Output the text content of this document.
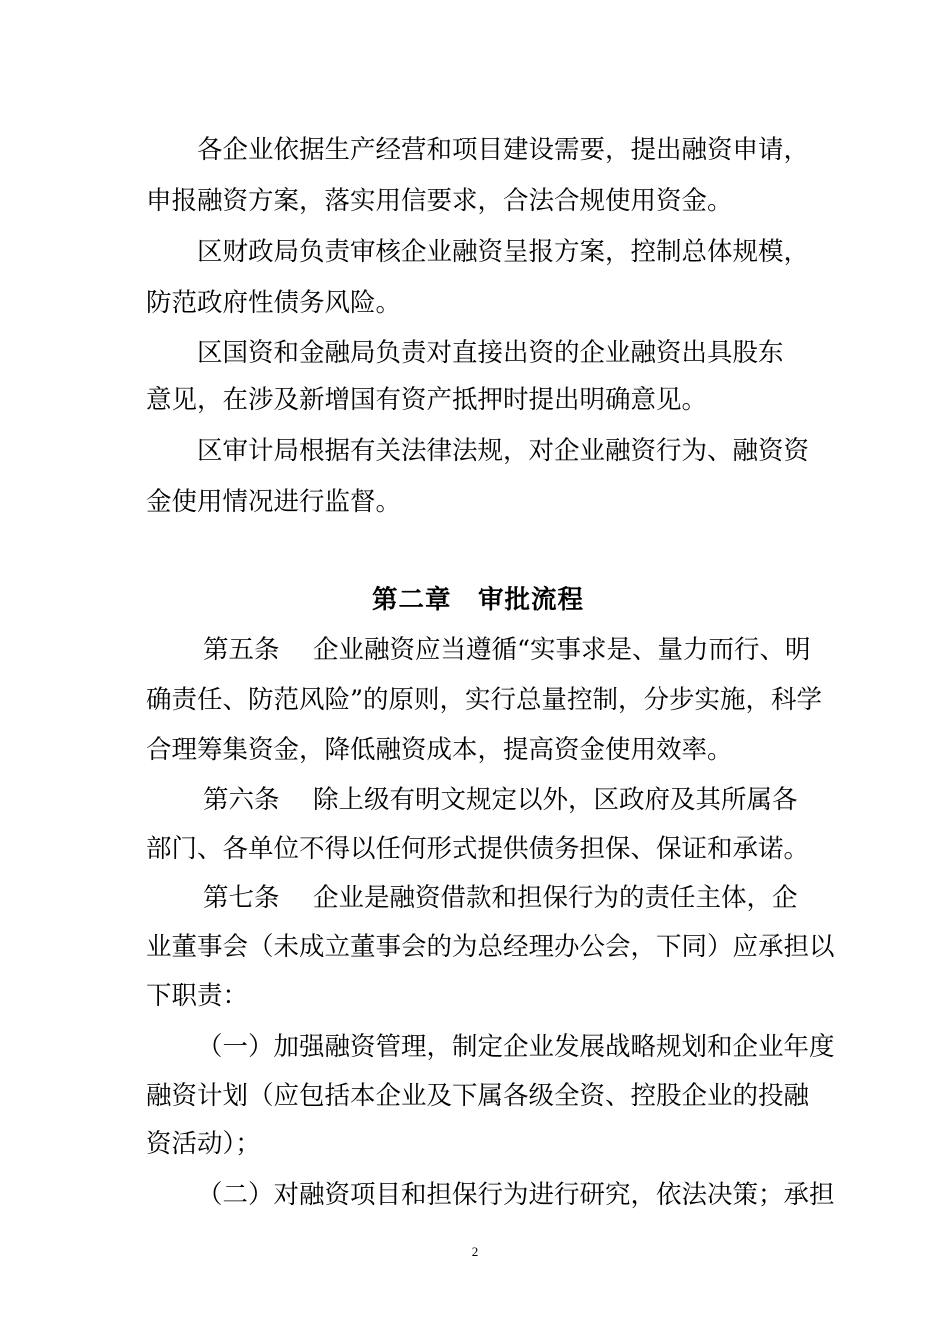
各企业依据生产经营和项目建设需要，提出融资申请，
申报融资方案，落实用信要求，合法合规使用资金。
区财政局负责审核企业融资呈报方案，控制总体规模，
防范政府性债务风险。
区国资和金融局负责对直接出资的企业融资出具股东
意见，在涉及新增国有资产抵押时提出明确意见。
区审计局根据有关法律法规，对企业融资行为、融资资
金使用情况进行监督。
第二章　审批流程
第五条 企业融资应当遵循“实事求是、量力而行、明
确责任、防范风险”的原则，实行总量控制，分步实施，科学
合理筹集资金，降低融资成本，提高资金使用效率。
第六条 除上级有明文规定以外，区政府及其所属各
部门、各单位不得以任何形式提供债务担保、保证和承诺。
第七条 企业是融资借款和担保行为的责任主体，企
业董事会（未成立董事会的为总经理办公会，下同）应承担以
下职责：
（一）加强融资管理，制定企业发展战略规划和企业年度
融资计划（应包括本企业及下属各级全资、控股企业的投融
资活动）；
（二）对融资项目和担保行为进行研究，依法决策；承担
2
